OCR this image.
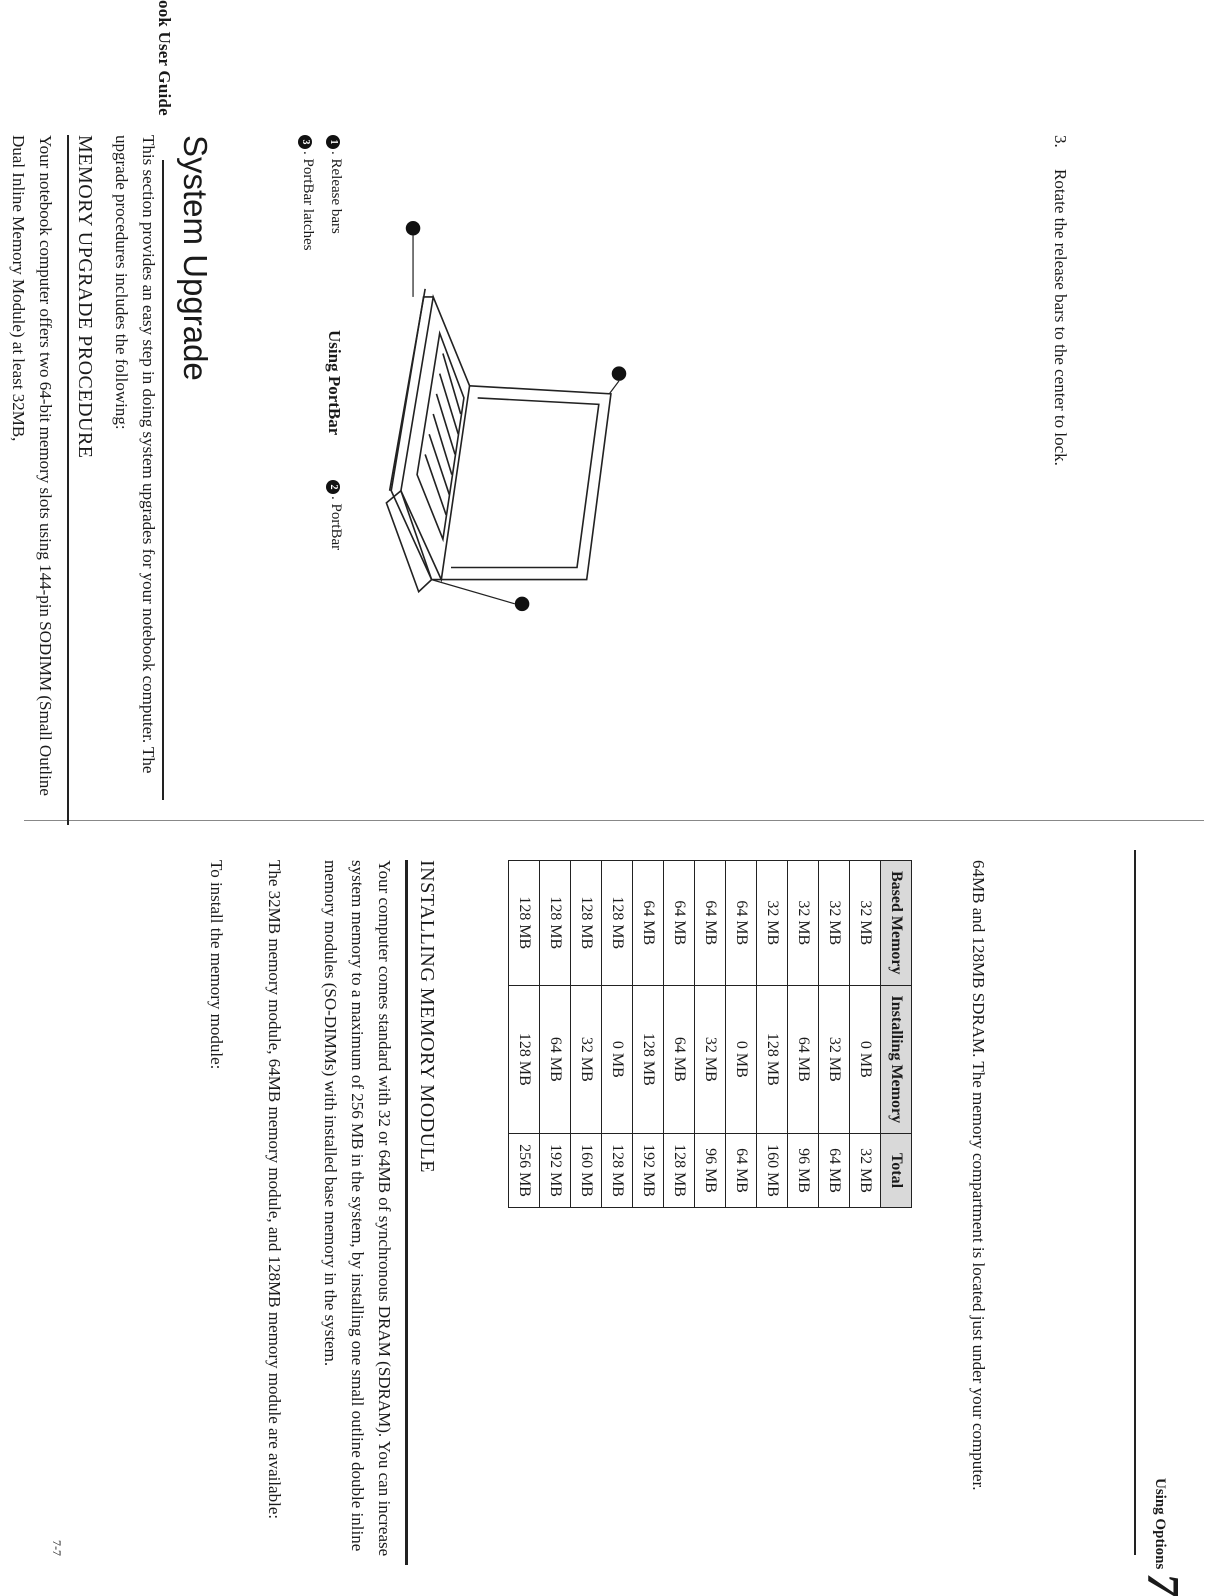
ook User Guide
3.Rotate the release bars to the center to lock.
1. Release bars
3. PortBar latches
2. PortBar
Using PortBar
Using Options7
7-7
64MB and 128MB SDRAM. The memory compartment is located just under your computer.
Based Memory	Installing Memory	Total
32 MB	0 MB	32 MB
32 MB	32 MB	64 MB
32 MB	64 MB	96 MB
32 MB	128 MB	160 MB
64 MB	0 MB	64 MB
64 MB	32 MB	96 MB
64 MB	64 MB	128 MB
64 MB	128 MB	192 MB
128 MB	0 MB	128 MB
128 MB	32 MB	160 MB
128 MB	64 MB	192 MB
128 MB	128 MB	256 MB
INSTALLING MEMORY MODULE
Your computer comes standard with 32 or 64MB of synchronous DRAM (SDRAM). You can increase system memory to a maximum of 256 MB in the system, by installing one small outline double inline memory modules (SO-DIMMs) with installed base memory in the system.
The 32MB memory module, 64MB memory module, and 128MB memory module are available:
To install the memory module:
System Upgrade
This section provides an easy step in doing system upgrades for your notebook computer. The upgrade procedures includes the following:
MEMORY UPGRADE PROCEDURE
Your notebook computer offers two 64-bit memory slots using 144-pin SODIMM (Small Outline Dual Inline Memory Module) at least 32MB,
